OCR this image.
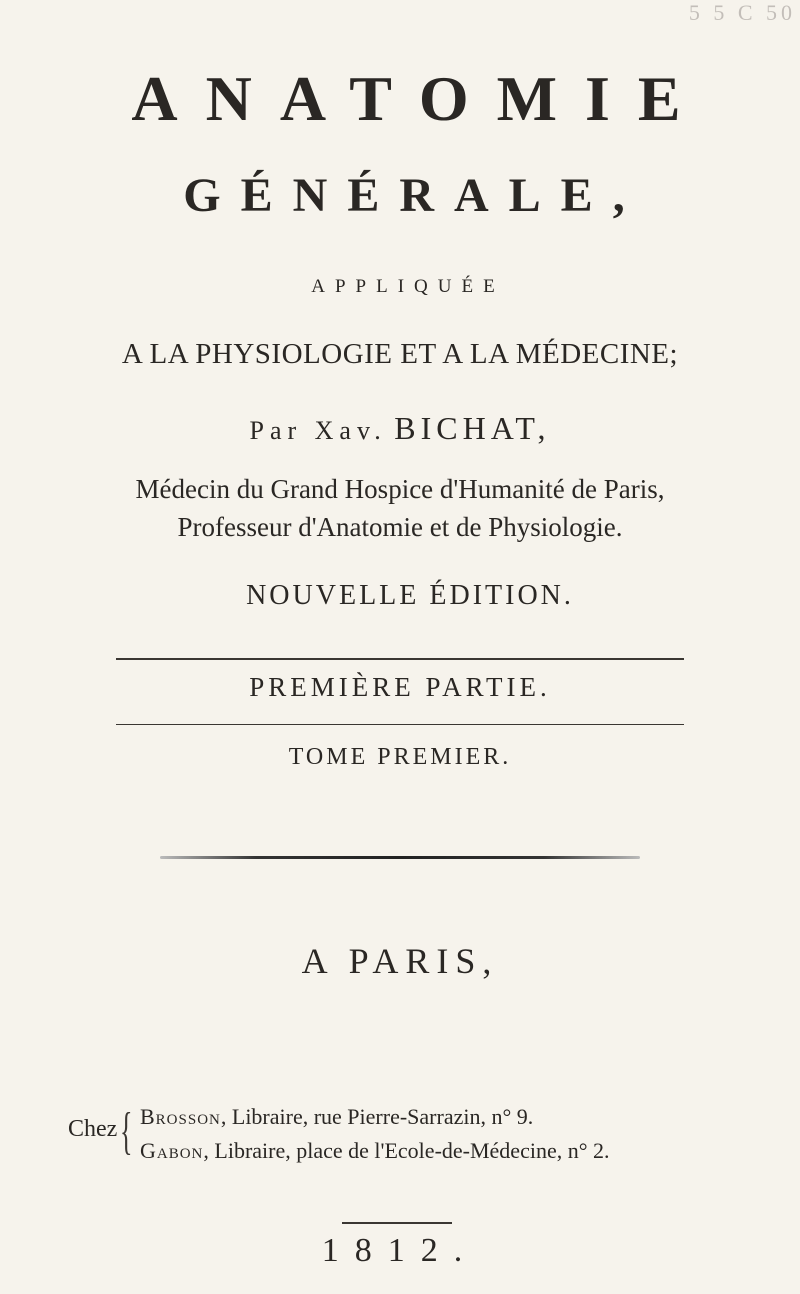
5 5 C 50
ANATOMIE
GÉNÉRALE,
APPLIQUÉE
A LA PHYSIOLOGIE ET A LA MÉDECINE;
Par Xav. BICHAT,
Médecin du Grand Hospice d'Humanité de Paris,
Professeur d'Anatomie et de Physiologie.
NOUVELLE ÉDITION.
PREMIÈRE PARTIE.
TOME PREMIER.
A PARIS,
Chez { Brosson, Libraire, rue Pierre-Sarrazin, n° 9.
Gabon, Libraire, place de l'Ecole-de-Médecine, n° 2.
1812.
